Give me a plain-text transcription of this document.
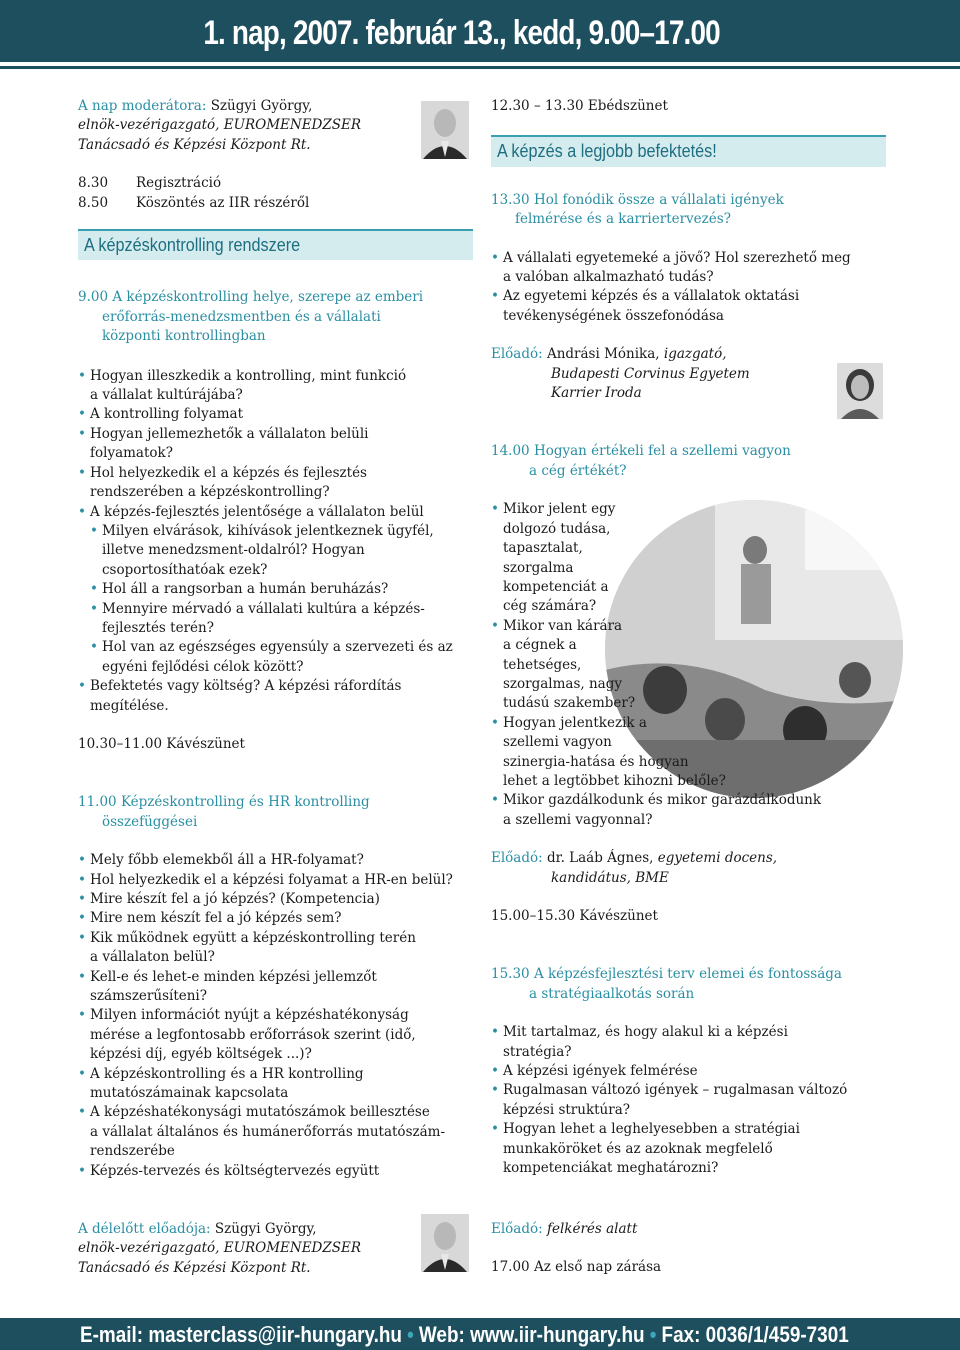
1. nap, 2007. február 13., kedd, 9.00–17.00

A nap moderátora: Szügyi György,

elnök-vezérigazgató, EUROMENEDZSER

Tanácsadó és Képzési Központ Rt.

8.30	Regisztráció
8.50	Köszöntés az IIR részéről
A képzéskontrolling rendszere

9.00 A képzéskontrolling helye, szerepe az emberi

erőforrás-menedzsmentben és a vállalati

központi kontrollingban

• Hogyan illeszkedik a kontrolling, mint funkció
a vállalat kultúrájába?
• A kontrolling folyamat
• Hogyan jellemezhetők a vállalaton belüli
folyamatok?
• Hol helyezkedik el a képzés és fejlesztés
rendszerében a képzéskontrolling?
• A képzés-fejlesztés jelentősége a vállalaton belül
• Milyen elvárások, kihívások jelentkeznek ügyfél,
illetve menedzsment-oldalról? Hogyan
csoportosíthatóak ezek?
• Hol áll a rangsorban a humán beruházás?
• Mennyire mérvadó a vállalati kultúra a képzés-
fejlesztés terén?
• Hol van az egészséges egyensúly a szervezeti és az
egyéni fejlődési célok között?
• Befektetés vagy költség? A képzési ráfordítás
megítélése.

10.30–11.00 Kávészünet

11.00 Képzéskontrolling és HR kontrolling

összefüggései

• Mely főbb elemekből áll a HR-folyamat?
• Hol helyezkedik el a képzési folyamat a HR-en belül?
• Mire készít fel a jó képzés? (Kompetencia)
• Mire nem készít fel a jó képzés sem?
• Kik működnek együtt a képzéskontrolling terén
a vállalaton belül?
• Kell-e és lehet-e minden képzési jellemzőt
számszerűsíteni?
• Milyen információt nyújt a képzéshatékonyság
mérése a legfontosabb erőforrások szerint (idő,
képzési díj, egyéb költségek ...)?
• A képzéskontrolling és a HR kontrolling
mutatószámainak kapcsolata
• A képzéshatékonysági mutatószámok beillesztése
a vállalat általános és humánerőforrás mutatószám-
rendszerébe
• Képzés-tervezés és költségtervezés együtt

A délelőtt előadója: Szügyi György,

elnök-vezérigazgató, EUROMENEDZSER

Tanácsadó és Képzési Központ Rt.

12.30 – 13.30 Ebédszünet

A képzés a legjobb befektetés!

13.30 Hol fonódik össze a vállalati igények

felmérése és a karriertervezés?

• A vállalati egyetemeké a jövő? Hol szerezhető meg
a valóban alkalmazható tudás?
• Az egyetemi képzés és a vállalatok oktatási
tevékenységének összefonódása

Előadó: Andrási Mónika, igazgató,

Budapesti Corvinus Egyetem

Karrier Iroda

14.00 Hogyan értékeli fel a szellemi vagyon

a cég értékét?

• Mikor jelent egy
dolgozó tudása,
tapasztalat,
szorgalma
kompetenciát a
cég számára?
• Mikor van kárára
a cégnek a
tehetséges,
szorgalmas, nagy
tudású szakember?
• Hogyan jelentkezik a
szellemi vagyon
szinergia-hatása és hogyan
lehet a legtöbbet kihozni belőle?
• Mikor gazdálkodunk és mikor garázdálkodunk
a szellemi vagyonnal?

Előadó: dr. Laáb Ágnes, egyetemi docens,

kandidátus, BME

15.00–15.30 Kávészünet

15.30 A képzésfejlesztési terv elemei és fontossága

a stratégiaalkotás során

• Mit tartalmaz, és hogy alakul ki a képzési
stratégia?
• A képzési igények felmérése
• Rugalmasan változó igények – rugalmasan változó
képzési struktúra?
• Hogyan lehet a leghelyesebben a stratégiai
munkaköröket és az azoknak megfelelő
kompetenciákat meghatározni?

Előadó: felkérés alatt

17.00 Az első nap zárása

E-mail: masterclass@iir-hungary.hu • Web: www.iir-hungary.hu • Fax: 0036/1/459-7301
